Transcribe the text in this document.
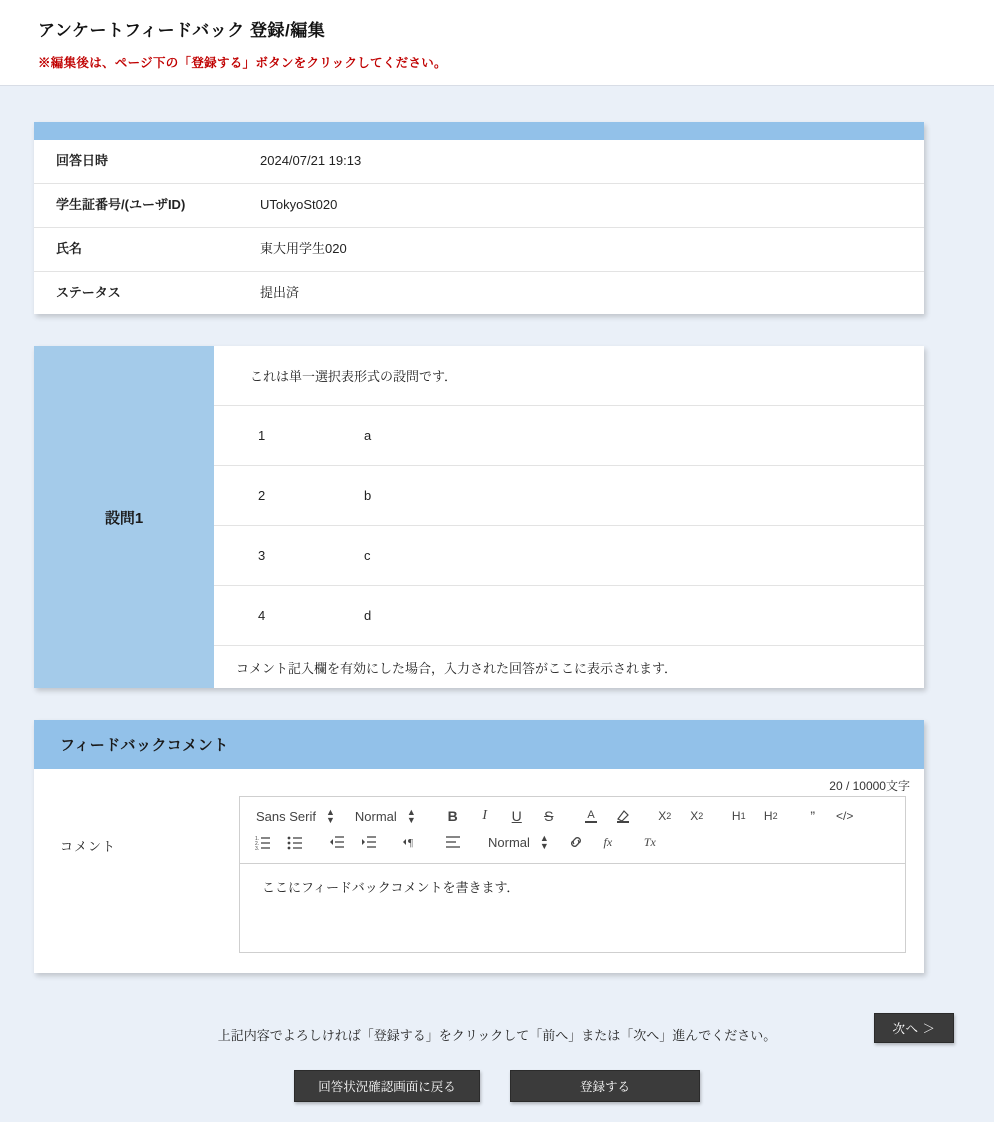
アンケートフィードバック 登録/編集
※編集後は、ページ下の「登録する」ボタンをクリックしてください。
回答日時	2024/07/21 19:13
学生証番号/(ユーザID)	UTokyoSt020
氏名	東大用学生020
ステータス	提出済
設問1
これは単一選択表形式の設問です．
1	a
2	b
3	c
4	d
コメント記入欄を有効にした場合，入力された回答がここに表示されます．
フィードバックコメント
20 / 10000文字
コメント
Sans Serif ▲
▼ Normal ▲
▼	B	I	U	S	A	X 2	X 2	H 1	H 2	”	</>
1.
2.
3.	¶	Normal ▲
▼	fx	Tx
ここにフィードバックコメントを書きます．
上記内容でよろしければ「登録する」をクリックして「前へ」または「次へ」進んでください。	次へ ＞
回答状況確認画面に戻る	登録する
